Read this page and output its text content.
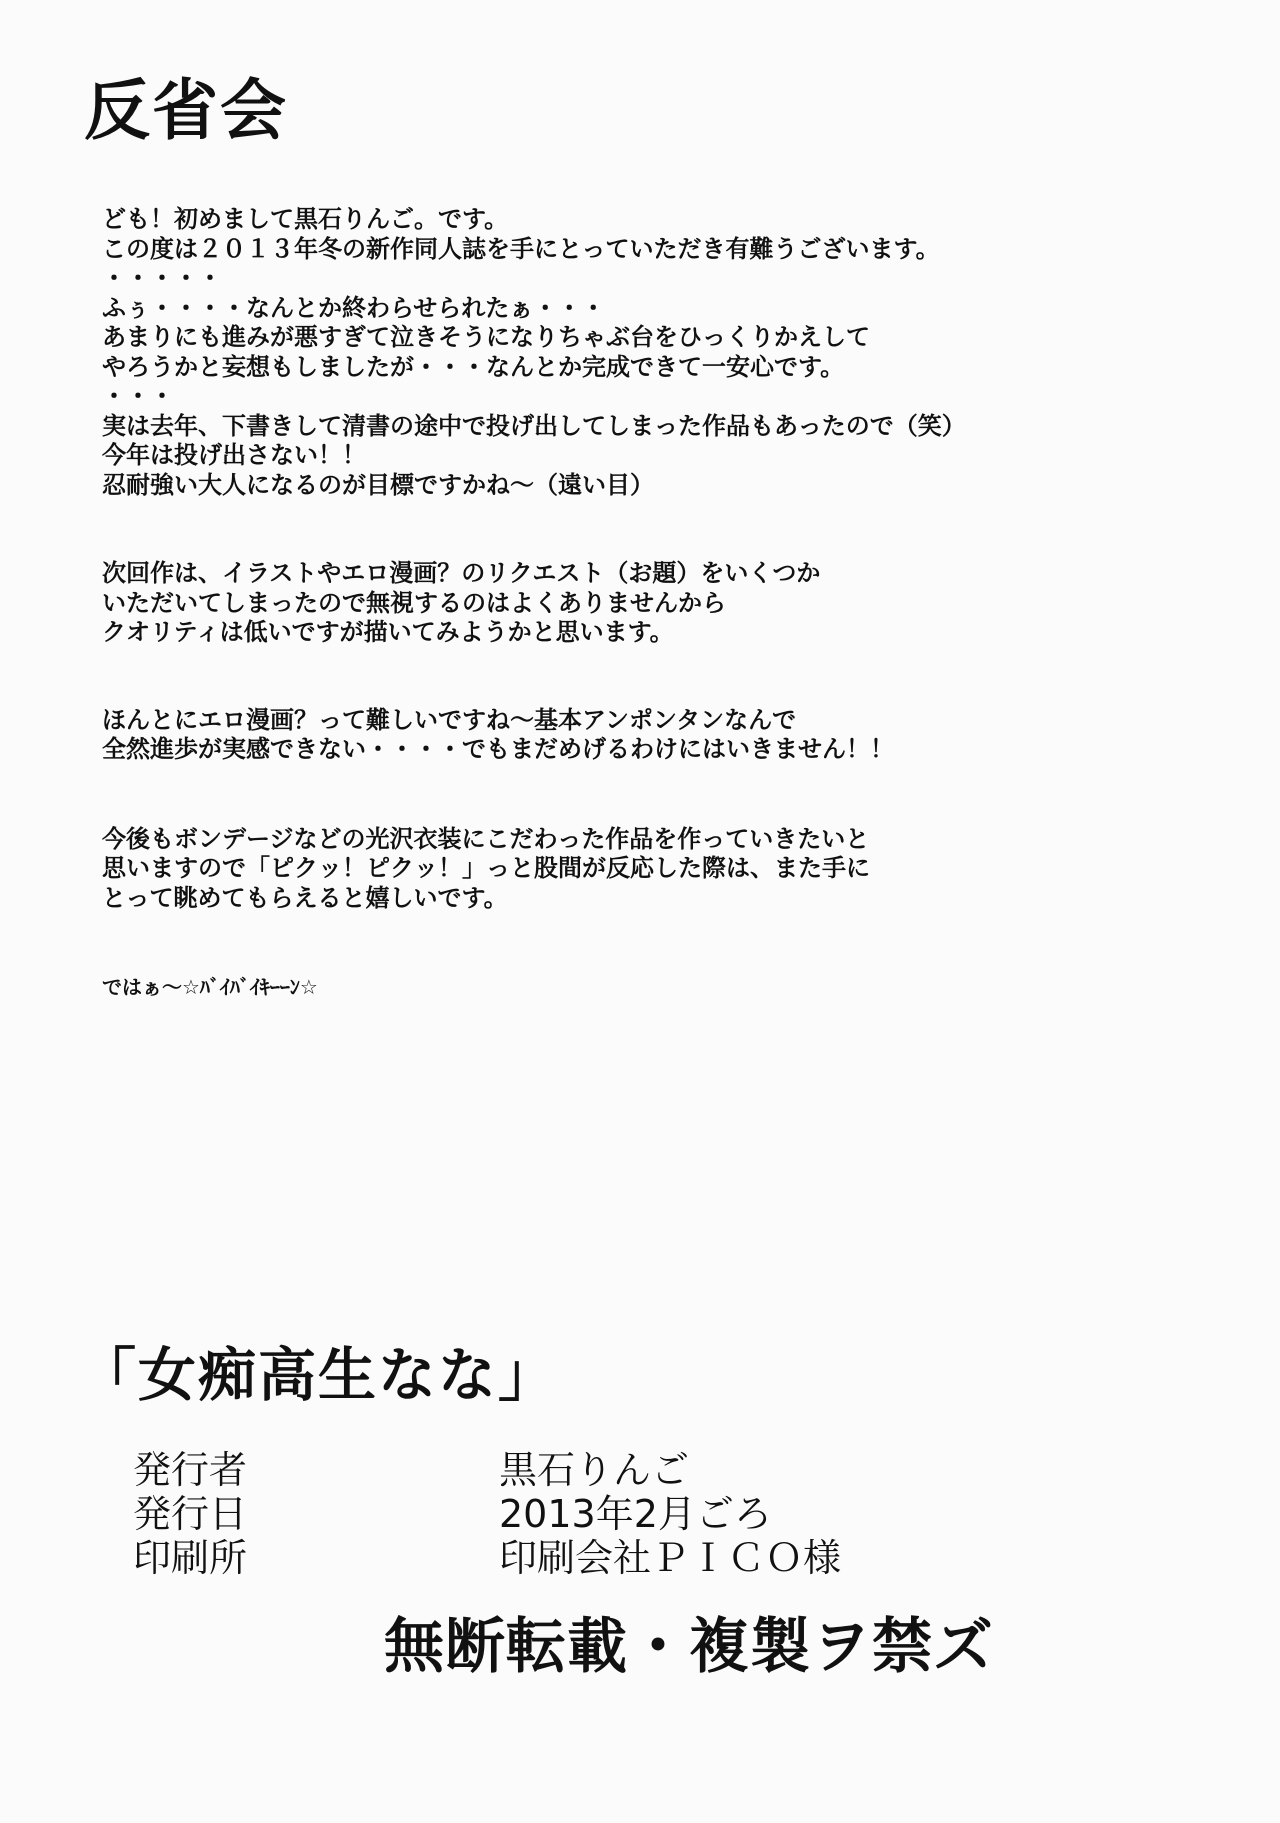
反省会

ども！初めまして黒石りんご。です。
この度は２０１３年冬の新作同人誌を手にとっていただき有難うございます。
・・・・・
ふぅ・・・・なんとか終わらせられたぁ・・・
あまりにも進みが悪すぎて泣きそうになりちゃぶ台をひっくりかえして
やろうかと妄想もしましたが・・・なんとか完成できて一安心です。
・・・
実は去年、下書きして清書の途中で投げ出してしまった作品もあったので（笑）
今年は投げ出さない！！
忍耐強い大人になるのが目標ですかね～（遠い目）

次回作は、イラストやエロ漫画？のリクエスト（お題）をいくつか
いただいてしまったので無視するのはよくありませんから
クオリティは低いですが描いてみようかと思います。

ほんとにエロ漫画？って難しいですね～基本アンポンタンなんで
全然進歩が実感できない・・・・でもまだめげるわけにはいきません！！

今後もボンデージなどの光沢衣装にこだわった作品を作っていきたいと
思いますので「ピクッ！ピクッ！」っと股間が反応した際は、また手に
とって眺めてもらえると嬉しいです。

ではぁ～☆ﾊﾞｲﾊﾞｲｷｰｰﾝ☆

「女痴高生なな」
発行者	黒石りんご
発行日	2013年2月ごろ
印刷所	印刷会社ＰＩＣＯ様
無断転載・複製ヲ禁ズ
